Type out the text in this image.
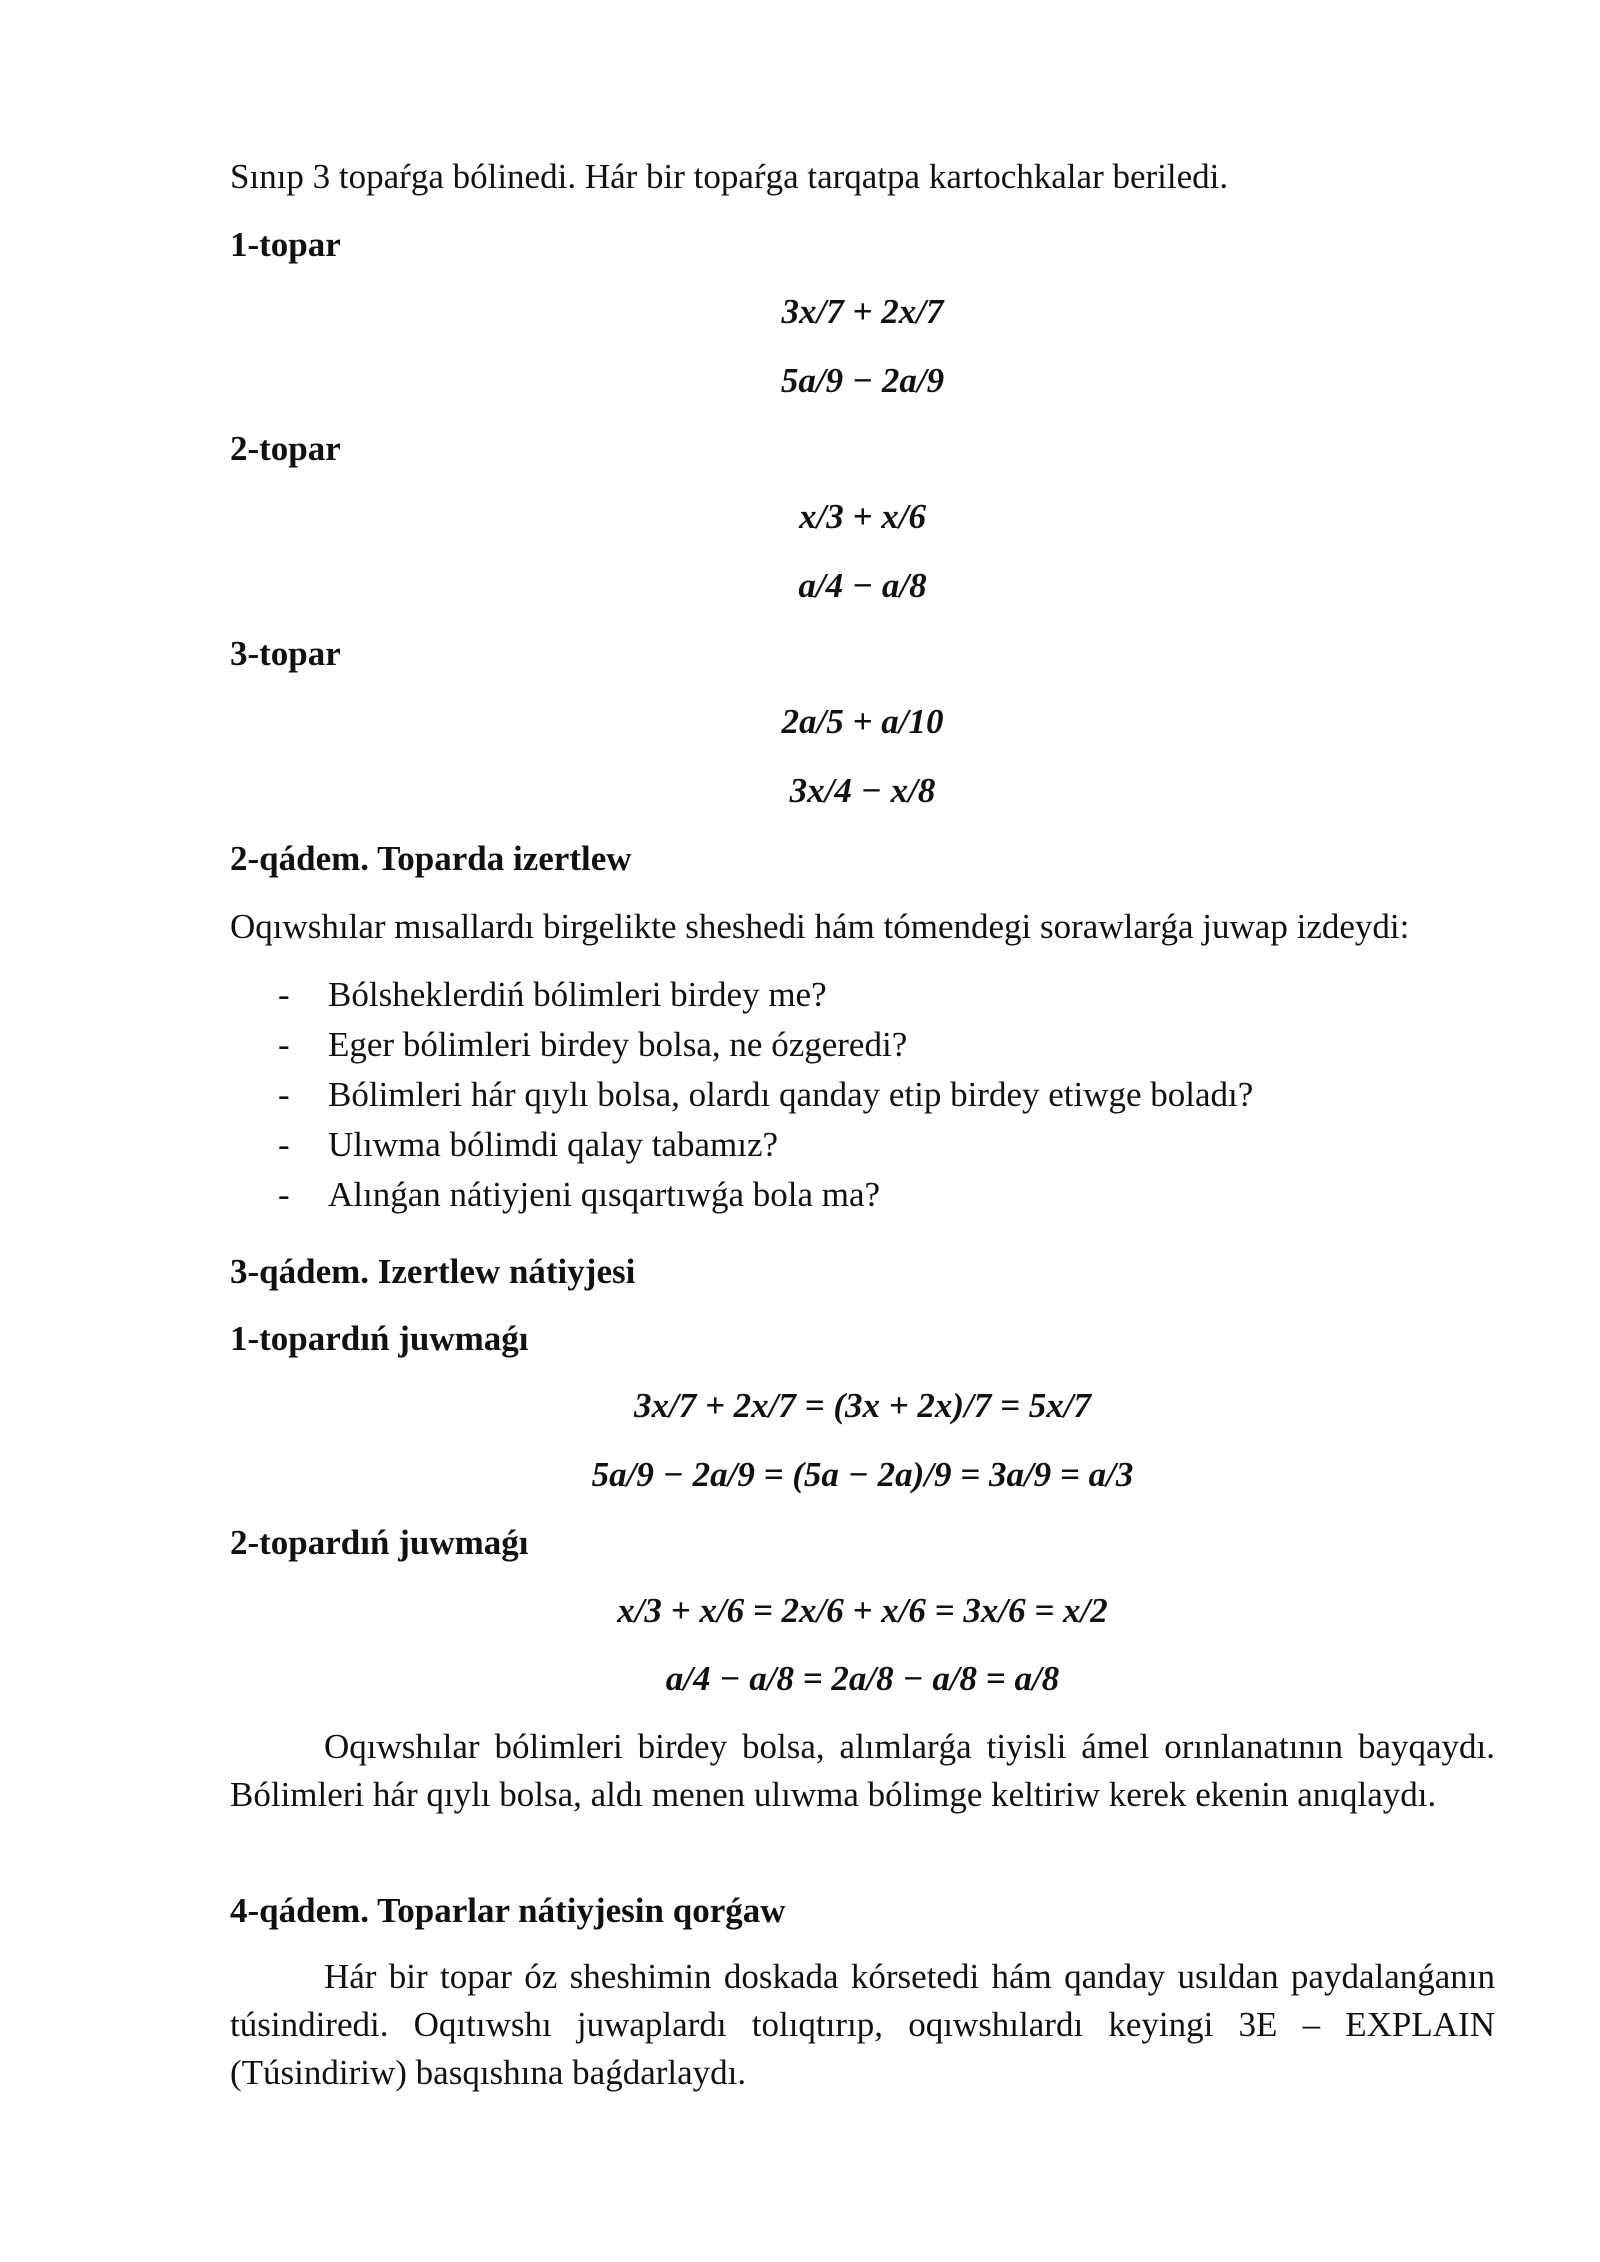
Sınıp 3 topaŕga bólinedi. Hár bir topaŕga tarqatpa kartochkalar beriledi.
1-topar
3x/7 + 2x/7
5a/9 − 2a/9
2-topar
x/3 + x/6
a/4 − a/8
3-topar
2a/5 + a/10
3x/4 − x/8
2-qádem. Toparda izertlew
Oqıwshılar mısallardı birgelikte sheshedi hám tómendegi sorawlarǵa juwap izdeydi:
- Bólsheklerdiń bólimleri birdey me?
- Eger bólimleri birdey bolsa, ne ózgeredi?
- Bólimleri hár qıylı bolsa, olardı qanday etip birdey etiwge boladı?
- Ulıwma bólimdi qalay tabamız?
- Alınǵan nátiyjeni qısqartıwǵa bola ma?
3-qádem. Izertlew nátiyjesi
1-topardıń juwmaǵı
3x/7 + 2x/7 = (3x + 2x)/7 = 5x/7
5a/9 − 2a/9 = (5a − 2a)/9 = 3a/9 = a/3
2-topardıń juwmaǵı
x/3 + x/6 = 2x/6 + x/6 = 3x/6 = x/2
a/4 − a/8 = 2a/8 − a/8 = a/8
Oqıwshılar bólimleri birdey bolsa, alımlarǵa tiyisli ámel orınlanatının bayqaydı. Bólimleri hár qıylı bolsa, aldı menen ulıwma bólimge keltiriw kerek ekenin anıqlaydı.
4-qádem. Toparlar nátiyjesin qorǵaw
Hár bir topar óz sheshimin doskada kórsetedi hám qanday usıldan paydalanǵanın túsindiredi. Oqıtıwshı juwaplardı tolıqtırıp, oqıwshılardı keyingi 3E – EXPLAIN (Túsindiriw) basqıshına baǵdarlaydı.
